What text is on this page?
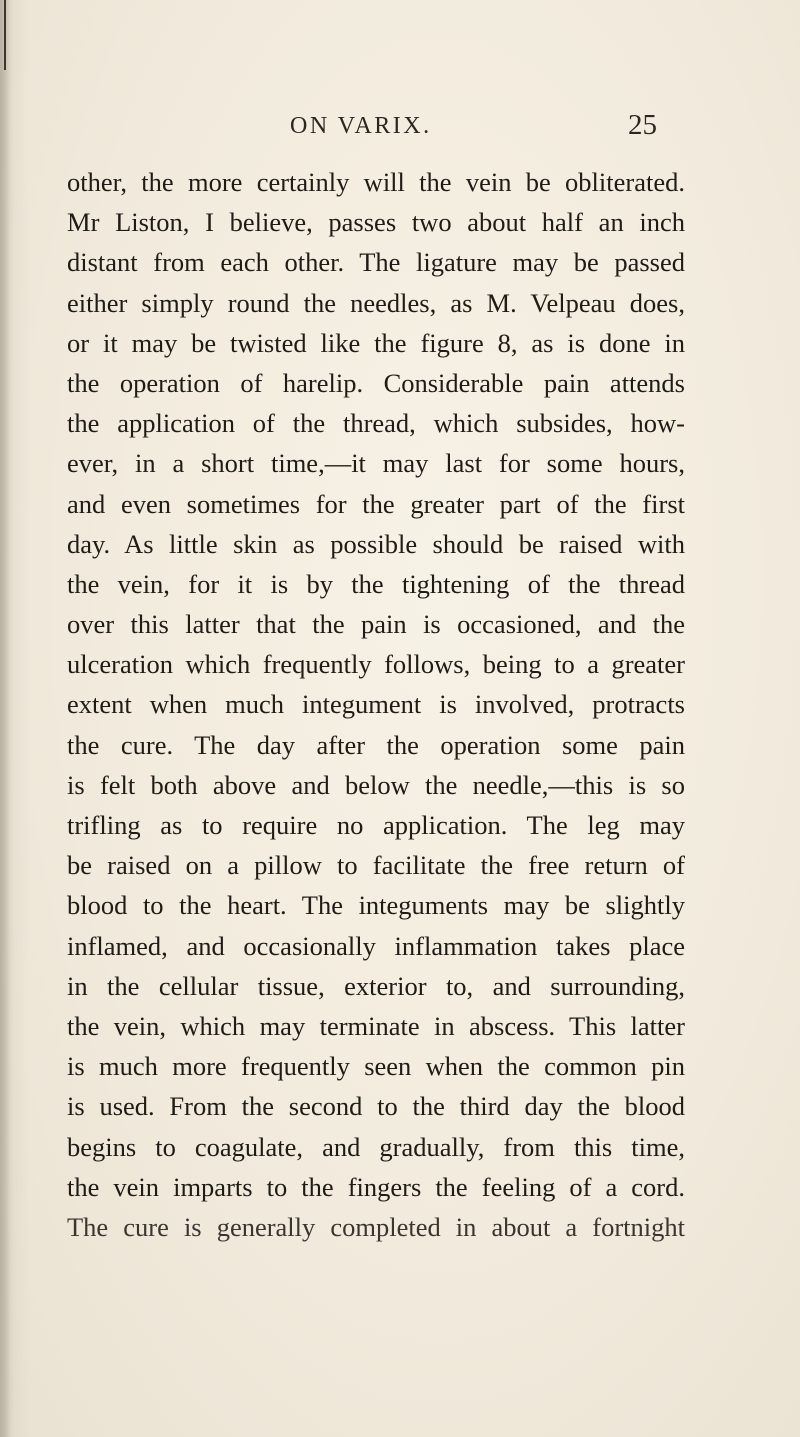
ON VARIX.	25
other, the more certainly will the vein be obliterated.
Mr Liston, I believe, passes two about half an inch
distant from each other. The ligature may be passed
either simply round the needles, as M. Velpeau does,
or it may be twisted like the figure 8, as is done in
the operation of harelip. Considerable pain attends
the application of the thread, which subsides, how-
ever, in a short time,—it may last for some hours,
and even sometimes for the greater part of the first
day. As little skin as possible should be raised with
the vein, for it is by the tightening of the thread
over this latter that the pain is occasioned, and the
ulceration which frequently follows, being to a greater
extent when much integument is involved, protracts
the cure. The day after the operation some pain
is felt both above and below the needle,—this is so
trifling as to require no application. The leg may
be raised on a pillow to facilitate the free return of
blood to the heart. The integuments may be slightly
inflamed, and occasionally inflammation takes place
in the cellular tissue, exterior to, and surrounding,
the vein, which may terminate in abscess. This latter
is much more frequently seen when the common pin
is used. From the second to the third day the blood
begins to coagulate, and gradually, from this time,
the vein imparts to the fingers the feeling of a cord.
The cure is generally completed in about a fortnight
